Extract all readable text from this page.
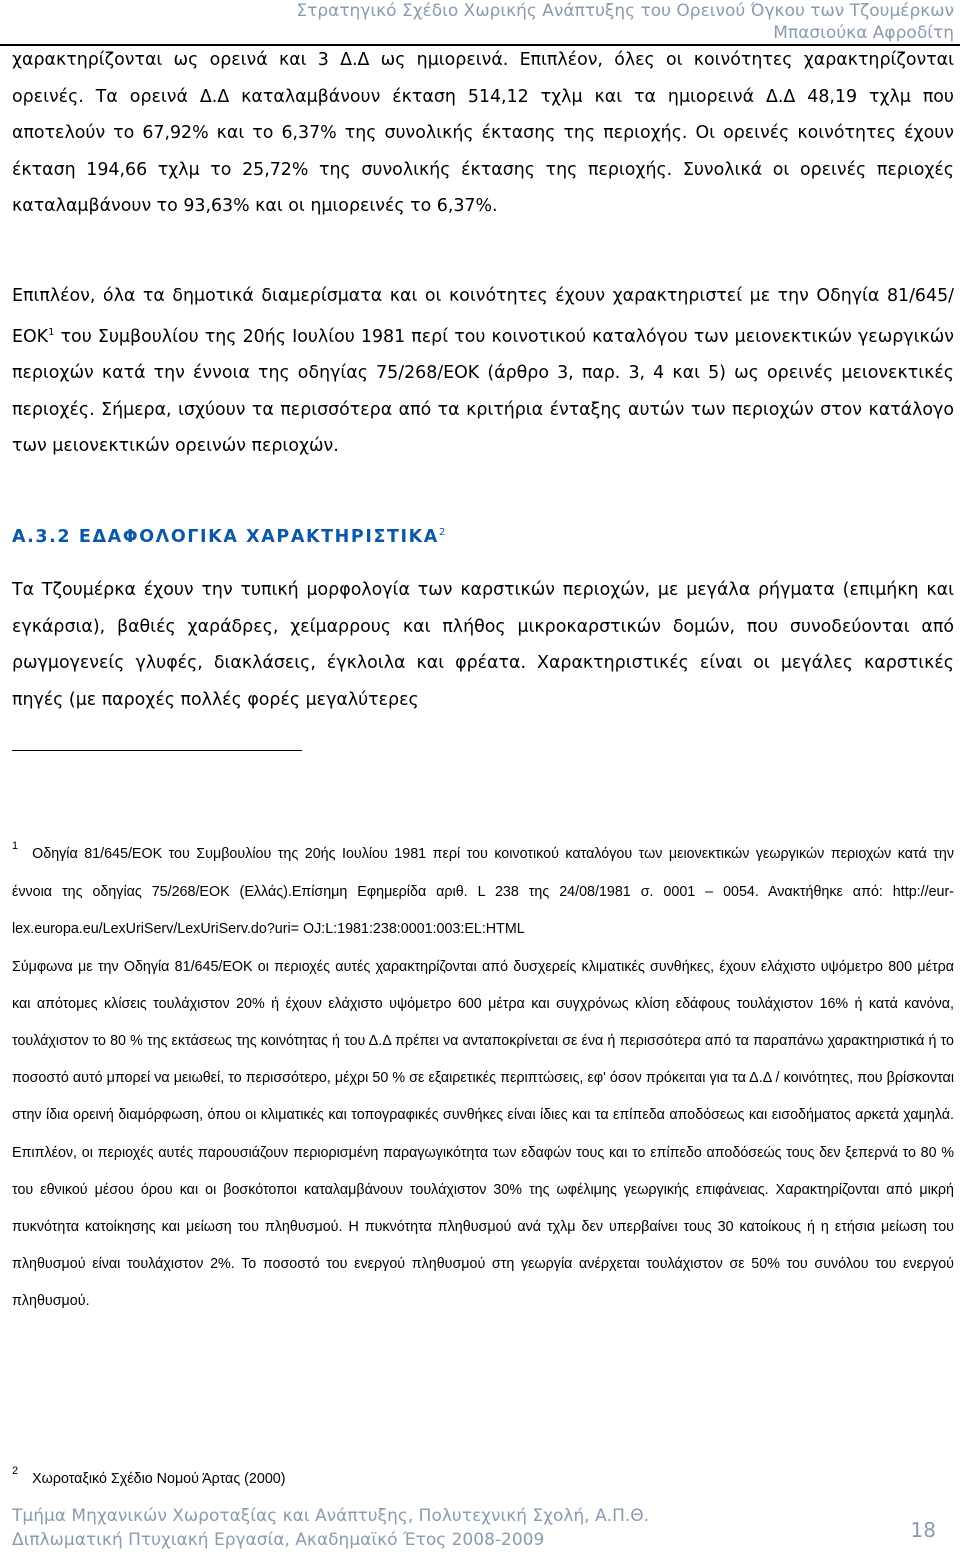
Στρατηγικό Σχέδιο Χωρικής Ανάπτυξης του Ορεινού Όγκου των Τζουμέρκων
Μπασιούκα Αφροδίτη
χαρακτηρίζονται ως ορεινά και 3 Δ.Δ ως ημιορεινά. Επιπλέον, όλες οι κοινότητες χαρακτηρίζονται ορεινές. Τα ορεινά Δ.Δ καταλαμβάνουν έκταση 514,12 τχλμ και τα ημιορεινά Δ.Δ 48,19 τχλμ που αποτελούν το 67,92% και το 6,37% της συνολικής έκτασης της περιοχής. Οι ορεινές κοινότητες έχουν έκταση 194,66 τχλμ το 25,72% της συνολικής έκτασης της περιοχής. Συνολικά οι ορεινές περιοχές καταλαμβάνουν το 93,63% και οι ημιορεινές το 6,37%.
Επιπλέον, όλα τα δημοτικά διαμερίσματα και οι κοινότητες έχουν χαρακτηριστεί με την Οδηγία 81/645/ΕΟΚ$^1$ του Συμβουλίου της 20ής Ιουλίου 1981 περί του κοινοτικού καταλόγου των μειονεκτικών γεωργικών περιοχών κατά την έννοια της οδηγίας 75/268/ΕΟΚ (άρθρο 3, παρ. 3, 4 και 5) ως ορεινές μειονεκτικές περιοχές. Σήμερα, ισχύουν τα περισσότερα από τα κριτήρια ένταξης αυτών των περιοχών στον κατάλογο των μειονεκτικών ορεινών περιοχών.
Α.3.2 ΕΔΑΦΟΛΟΓΙΚΑ ΧΑΡΑΚΤΗΡΙΣΤΙΚΑ$^2$
Τα Τζουμέρκα έχουν την τυπική μορφολογία των καρστικών περιοχών, με μεγάλα ρήγματα (επιμήκη και εγκάρσια), βαθιές χαράδρες, χείμαρρους και πλήθος μικροκαρστικών δομών, που συνοδεύονται από ρωγμογενείς γλυφές, διακλάσεις, έγκλοιλα και φρέατα. Χαρακτηριστικές είναι οι μεγάλες καρστικές πηγές (με παροχές πολλές φορές μεγαλύτερες
$^1$ Οδηγία 81/645/ΕΟΚ του Συμβουλίου της 20ής Ιουλίου 1981 περί του κοινοτικού καταλόγου των μειονεκτικών γεωργικών περιοχών κατά την έννοια της οδηγίας 75/268/ΕΟΚ (Ελλάς).Επίσημη Εφημερίδα αριθ. L 238 της 24/08/1981 σ. 0001 – 0054. Ανακτήθηκε από: http://eur-lex.europa.eu/LexUriServ/LexUriServ.do?uri= OJ:L:1981:238:0001:003:EL:HTML
Σύμφωνα με την Οδηγία 81/645/ΕΟΚ οι περιοχές αυτές χαρακτηρίζονται από δυσχερείς κλιματικές συνθήκες, έχουν ελάχιστο υψόμετρο 800 μέτρα και απότομες κλίσεις τουλάχιστον 20% ή έχουν ελάχιστο υψόμετρο 600 μέτρα και συγχρόνως κλίση εδάφους τουλάχιστον 16% ή κατά κανόνα, τουλάχιστον το 80 % της εκτάσεως της κοινότητας ή του Δ.Δ πρέπει να ανταποκρίνεται σε ένα ή περισσότερα από τα παραπάνω χαρακτηριστικά ή το ποσοστό αυτό μπορεί να μειωθεί, το περισσότερο, μέχρι 50 % σε εξαιρετικές περιπτώσεις, εφ' όσον πρόκειται για τα Δ.Δ / κοινότητες, που βρίσκονται στην ίδια ορεινή διαμόρφωση, όπου οι κλιματικές και τοπογραφικές συνθήκες είναι ίδιες και τα επίπεδα αποδόσεως και εισοδήματος αρκετά χαμηλά. Επιπλέον, οι περιοχές αυτές παρουσιάζουν περιορισμένη παραγωγικότητα των εδαφών τους και το επίπεδο αποδόσεώς τους δεν ξεπερνά το 80 % του εθνικού μέσου όρου και οι βοσκότοποι καταλαμβάνουν τουλάχιστον 30% της ωφέλιμης γεωργικής επιφάνειας. Χαρακτηρίζονται από μικρή πυκνότητα κατοίκησης και μείωση του πληθυσμού. Η πυκνότητα πληθυσμού ανά τχλμ δεν υπερβαίνει τους 30 κατοίκους ή η ετήσια μείωση του πληθυσμού είναι τουλάχιστον 2%. Το ποσοστό του ενεργού πληθυσμού στη γεωργία ανέρχεται τουλάχιστον σε 50% του συνόλου του ενεργού πληθυσμού.
$^2$ Χωροταξικό Σχέδιο Νομού Άρτας (2000)
Τμήμα Μηχανικών Χωροταξίας και Ανάπτυξης, Πολυτεχνική Σχολή, Α.Π.Θ.
Διπλωματική Πτυχιακή Εργασία, Ακαδημαϊκό Έτος 2008-2009	18
